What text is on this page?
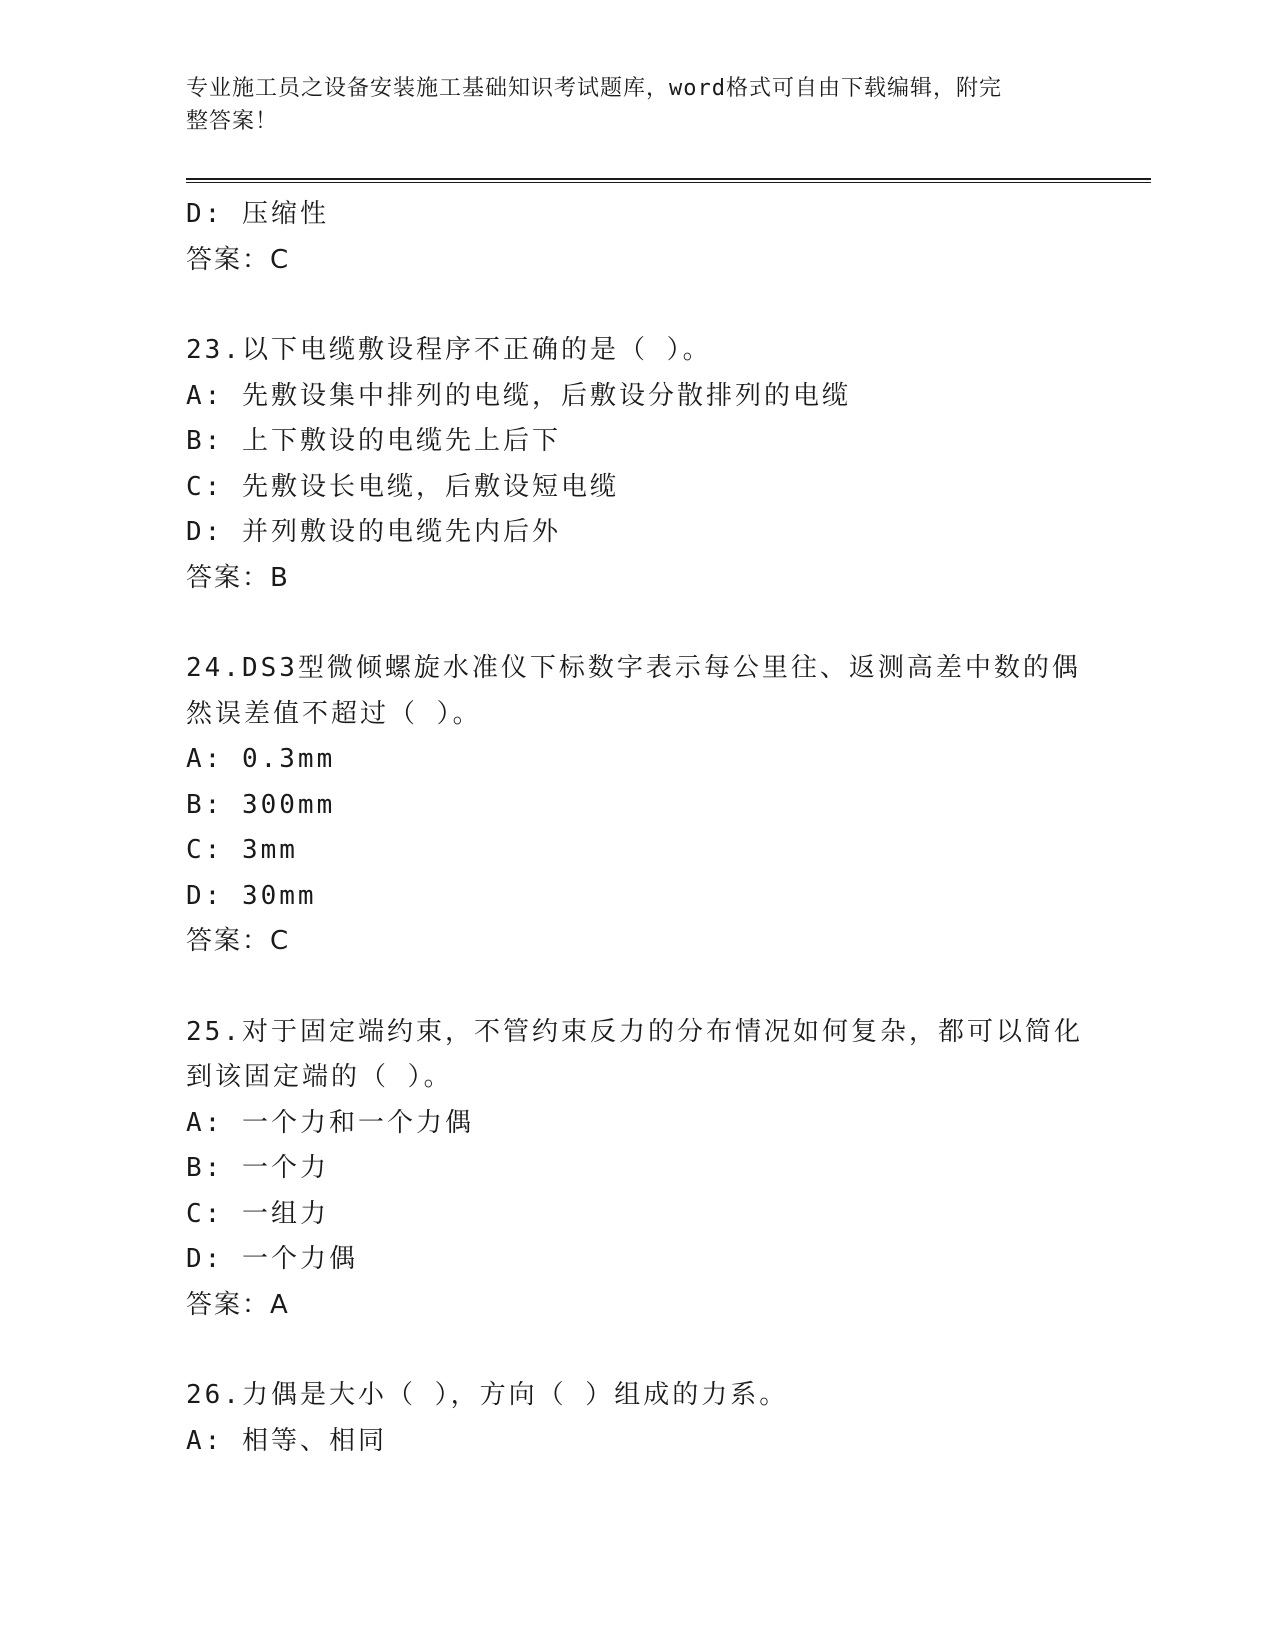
专业施工员之设备安装施工基础知识考试题库，word格式可自由下载编辑，附完
整答案！
D: 压缩性
答案：C
23.以下电缆敷设程序不正确的是（ ）。
A: 先敷设集中排列的电缆，后敷设分散排列的电缆
B: 上下敷设的电缆先上后下
C: 先敷设长电缆，后敷设短电缆
D: 并列敷设的电缆先内后外
答案：B
24.DS3型微倾螺旋水准仪下标数字表示每公里往、返测高差中数的偶
然误差值不超过（ ）。
A: 0.3mm
B: 300mm
C: 3mm
D: 30mm
答案：C
25.对于固定端约束，不管约束反力的分布情况如何复杂，都可以简化
到该固定端的（ ）。
A: 一个力和一个力偶
B: 一个力
C: 一组力
D: 一个力偶
答案：A
26.力偶是大小（ ），方向（ ）组成的力系。
A: 相等、相同
